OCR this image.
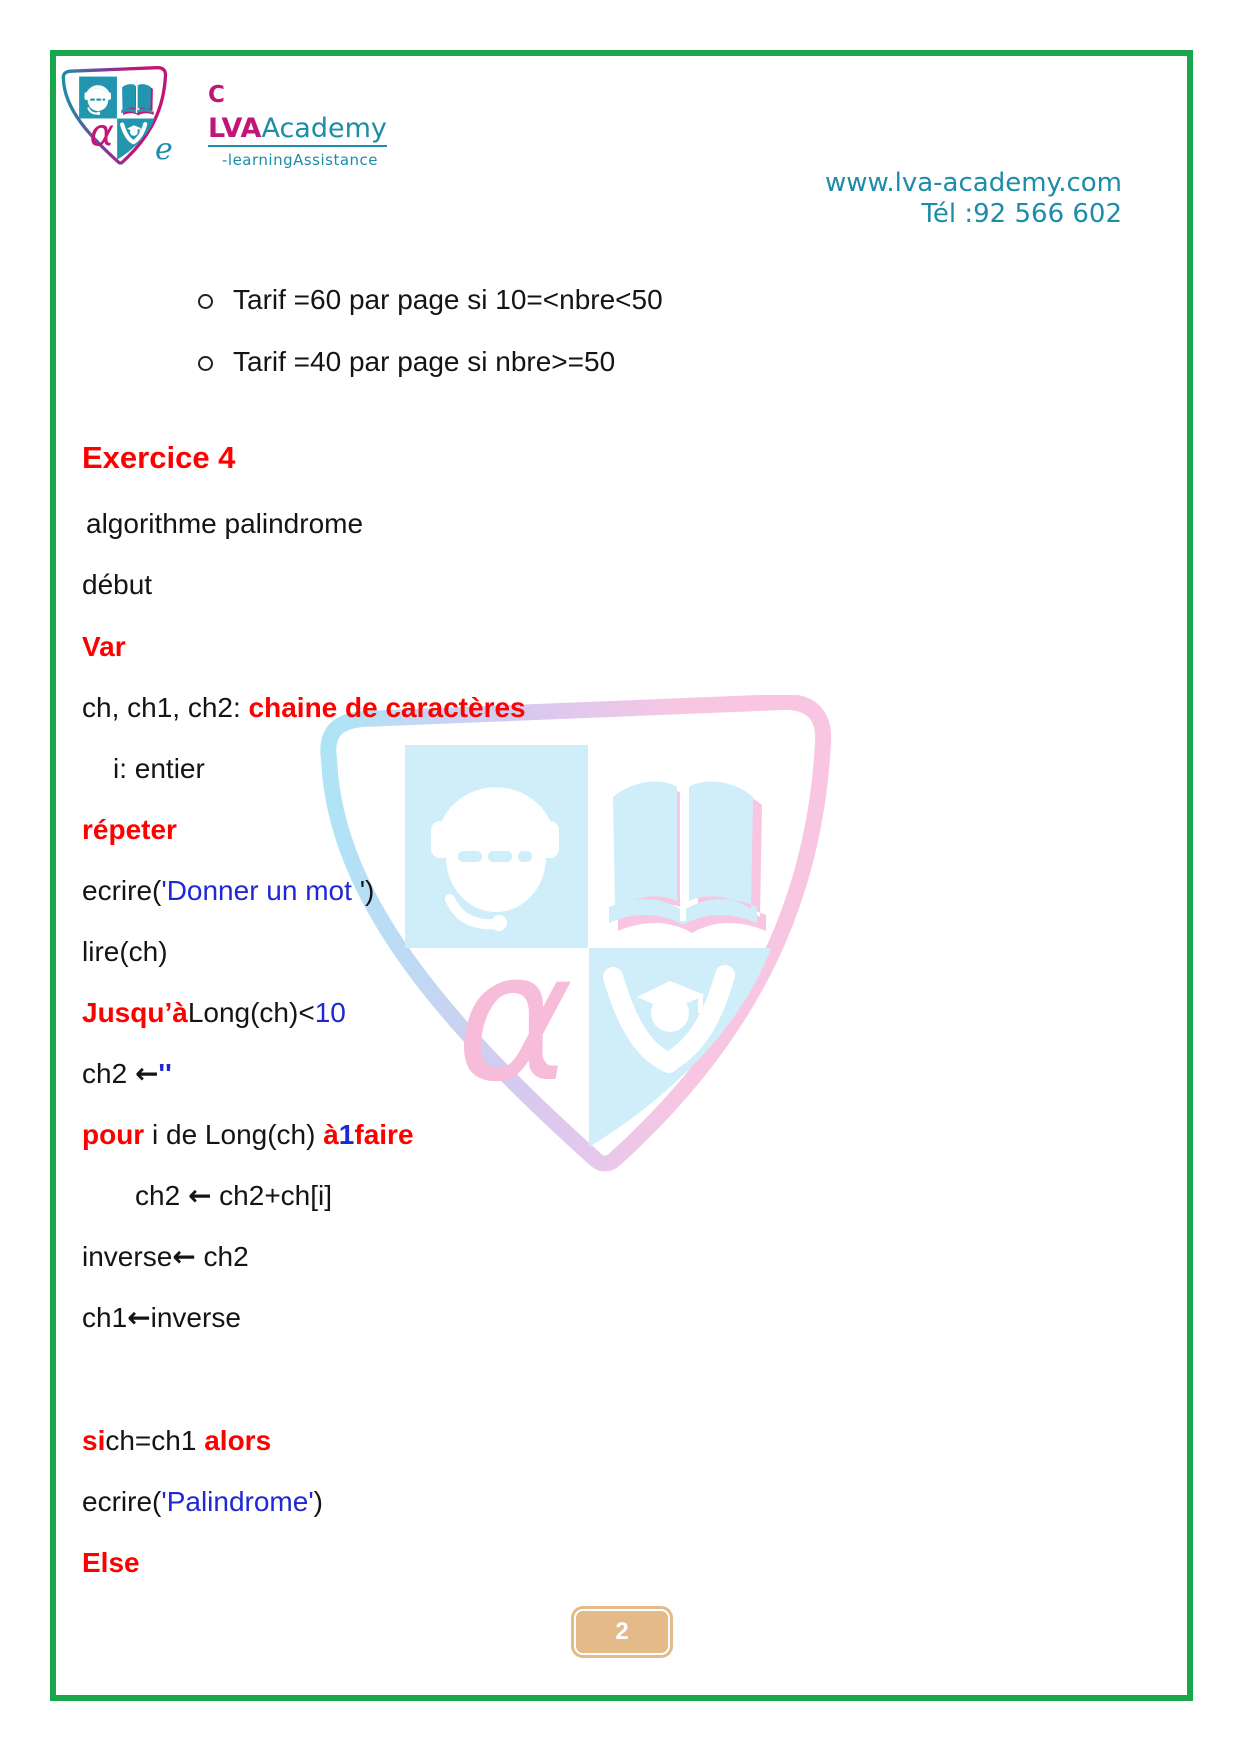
α e
C
LVAAcademy
-learningAssistance
www.lva-academy.com
Tél :92 566 602
α
Exercice 4
Tarif =60 par page si 10=<nbre<50
Tarif =40 par page si nbre>=50
algorithme palindrome
début
Var
ch, ch1, ch2: chaine de caractères
i: entier
répeter
ecrire('Donner un mot ')
lire(ch)
Jusqu’àLong(ch)<10
ch2 ←''
pour i de Long(ch) à1faire
ch2 ← ch2+ch[i]
inverse← ch2
ch1←inverse
sich=ch1 alors
ecrire('Palindrome')
Else
2
